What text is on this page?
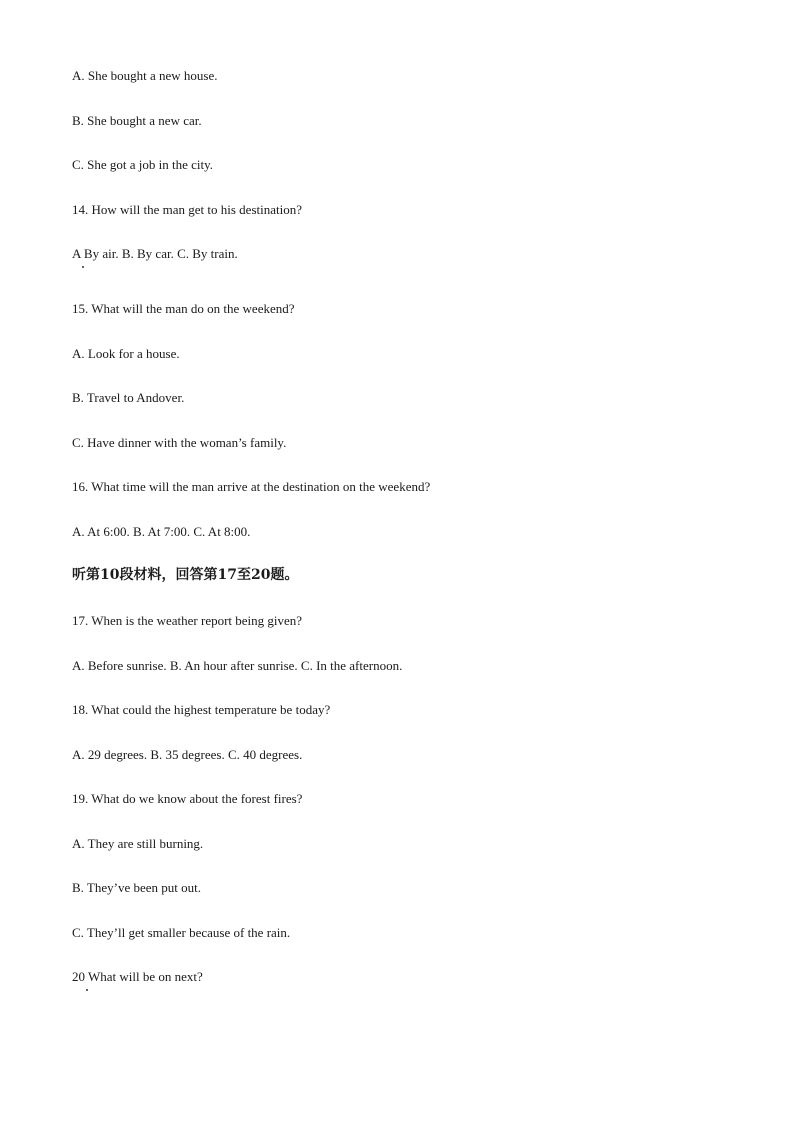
A. She bought a new house.
B. She bought a new car.
C. She got a job in the city.
14. How will the man get to his destination?
A By air. B. By car. C. By train.
15. What will the man do on the weekend?
A. Look for a house.
B. Travel to Andover.
C. Have dinner with the woman’s family.
16. What time will the man arrive at the destination on the weekend?
A. At 6:00. B. At 7:00. C. At 8:00.
听第10段材料，回答第17至20题。
17. When is the weather report being given?
A. Before sunrise. B. An hour after sunrise. C. In the afternoon.
18. What could the highest temperature be today?
A. 29 degrees. B. 35 degrees. C. 40 degrees.
19. What do we know about the forest fires?
A. They are still burning.
B. They’ve been put out.
C. They’ll get smaller because of the rain.
20 What will be on next?
